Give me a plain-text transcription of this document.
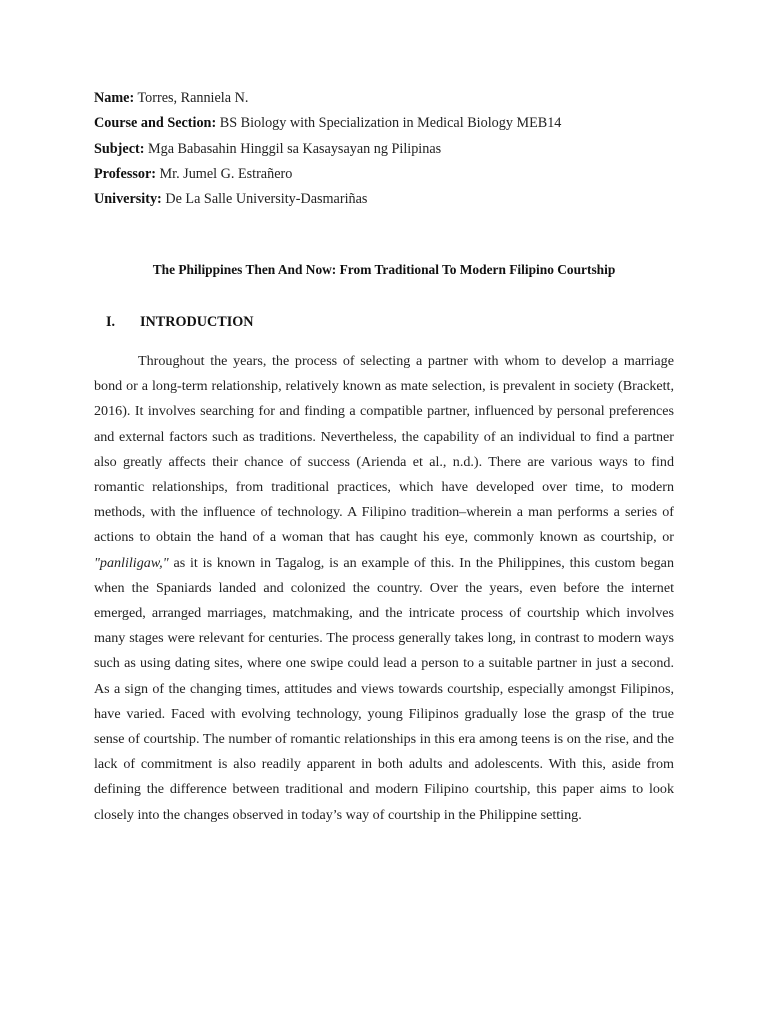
Name: Torres, Ranniela N.
Course and Section: BS Biology with Specialization in Medical Biology MEB14
Subject: Mga Babasahin Hinggil sa Kasaysayan ng Pilipinas
Professor: Mr. Jumel G. Estrañero
University: De La Salle University-Dasmariñas
The Philippines Then And Now: From Traditional To Modern Filipino Courtship
I. INTRODUCTION

Throughout the years, the process of selecting a partner with whom to develop a marriage bond or a long-term relationship, relatively known as mate selection, is prevalent in society (Brackett, 2016). It involves searching for and finding a compatible partner, influenced by personal preferences and external factors such as traditions. Nevertheless, the capability of an individual to find a partner also greatly affects their chance of success (Arienda et al., n.d.). There are various ways to find romantic relationships, from traditional practices, which have developed over time, to modern methods, with the influence of technology. A Filipino tradition–wherein a man performs a series of actions to obtain the hand of a woman that has caught his eye, commonly known as courtship, or "panliligaw," as it is known in Tagalog, is an example of this. In the Philippines, this custom began when the Spaniards landed and colonized the country. Over the years, even before the internet emerged, arranged marriages, matchmaking, and the intricate process of courtship which involves many stages were relevant for centuries. The process generally takes long, in contrast to modern ways such as using dating sites, where one swipe could lead a person to a suitable partner in just a second. As a sign of the changing times, attitudes and views towards courtship, especially amongst Filipinos, have varied. Faced with evolving technology, young Filipinos gradually lose the grasp of the true sense of courtship. The number of romantic relationships in this era among teens is on the rise, and the lack of commitment is also readily apparent in both adults and adolescents. With this, aside from defining the difference between traditional and modern Filipino courtship, this paper aims to look closely into the changes observed in today’s way of courtship in the Philippine setting.
